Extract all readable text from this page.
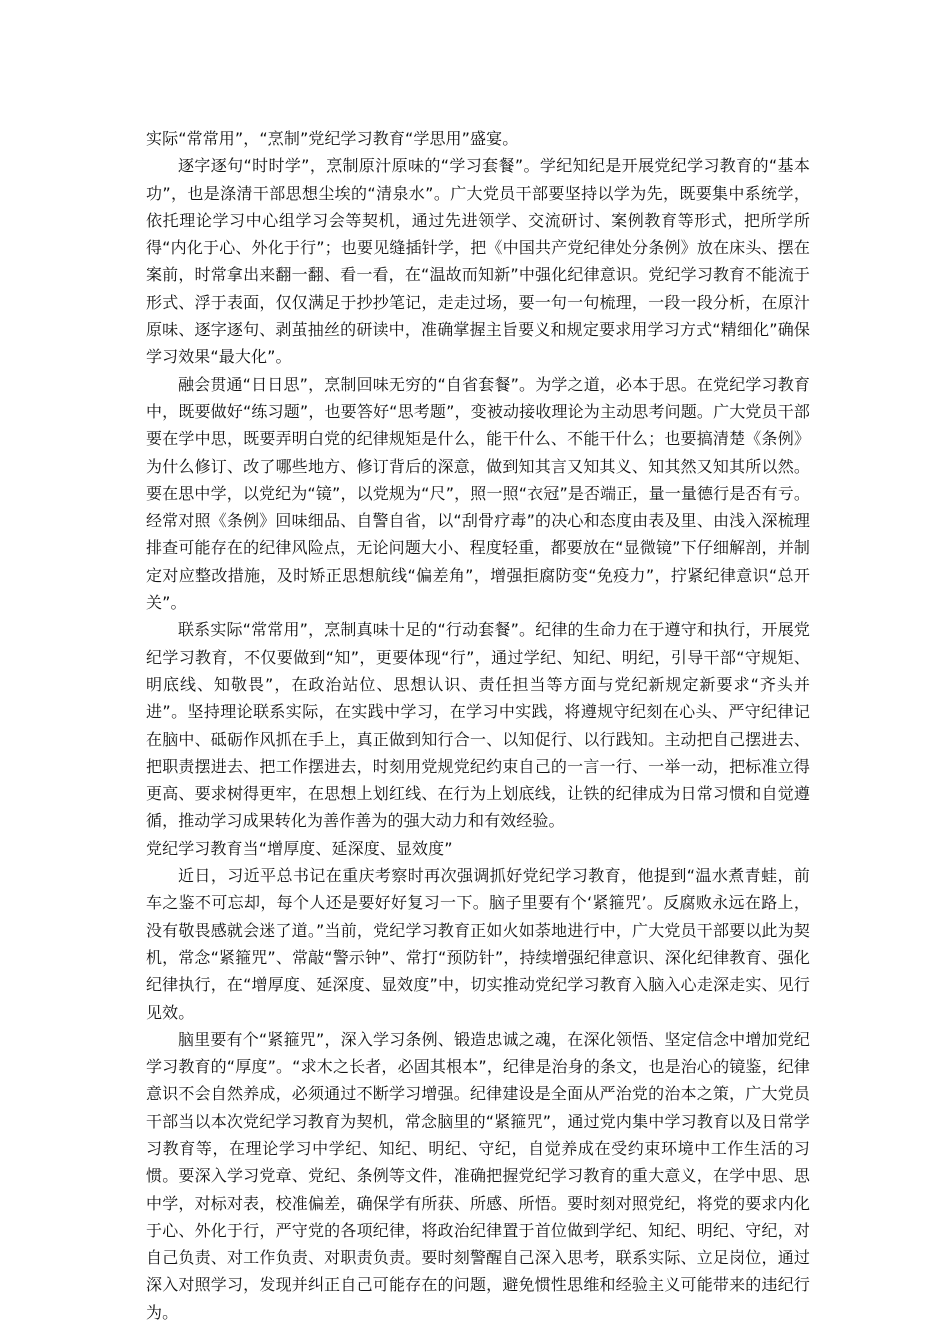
实际“常常用”，“烹制”党纪学习教育“学思用”盛宴。

逐字逐句“时时学”，烹制原汁原味的“学习套餐”。学纪知纪是开展党纪学习教育的“基本功”，也是涤清干部思想尘埃的“清泉水”。广大党员干部要坚持以学为先，既要集中系统学，依托理论学习中心组学习会等契机，通过先进领学、交流研讨、案例教育等形式，把所学所得“内化于心、外化于行”；也要见缝插针学，把《中国共产党纪律处分条例》放在床头、摆在案前，时常拿出来翻一翻、看一看，在“温故而知新”中强化纪律意识。党纪学习教育不能流于形式、浮于表面，仅仅满足于抄抄笔记，走走过场，要一句一句梳理，一段一段分析，在原汁原味、逐字逐句、剥茧抽丝的研读中，准确掌握主旨要义和规定要求用学习方式“精细化”确保学习效果“最大化”。

融会贯通“日日思”，烹制回味无穷的“自省套餐”。为学之道，必本于思。在党纪学习教育中，既要做好“练习题”，也要答好“思考题”，变被动接收理论为主动思考问题。广大党员干部要在学中思，既要弄明白党的纪律规矩是什么，能干什么、不能干什么；也要搞清楚《条例》为什么修订、改了哪些地方、修订背后的深意，做到知其言又知其义、知其然又知其所以然。要在思中学，以党纪为“镜”，以党规为“尺”，照一照“衣冠”是否端正，量一量德行是否有亏。经常对照《条例》回味细品、自警自省，以“刮骨疗毒”的决心和态度由表及里、由浅入深梳理排查可能存在的纪律风险点，无论问题大小、程度轻重，都要放在“显微镜”下仔细解剖，并制定对应整改措施，及时矫正思想航线“偏差角”，增强拒腐防变“免疫力”，拧紧纪律意识“总开关”。

联系实际“常常用”，烹制真味十足的“行动套餐”。纪律的生命力在于遵守和执行，开展党纪学习教育，不仅要做到“知”，更要体现“行”，通过学纪、知纪、明纪，引导干部“守规矩、明底线、知敬畏”，在政治站位、思想认识、责任担当等方面与党纪新规定新要求“齐头并进”。坚持理论联系实际，在实践中学习，在学习中实践，将遵规守纪刻在心头、严守纪律记在脑中、砥砺作风抓在手上，真正做到知行合一、以知促行、以行践知。主动把自己摆进去、把职责摆进去、把工作摆进去，时刻用党规党纪约束自己的一言一行、一举一动，把标准立得更高、要求树得更牢，在思想上划红线、在行为上划底线，让铁的纪律成为日常习惯和自觉遵循，推动学习成果转化为善作善为的强大动力和有效经验。

党纪学习教育当“增厚度、延深度、显效度”

近日，习近平总书记在重庆考察时再次强调抓好党纪学习教育，他提到“温水煮青蛙，前车之鉴不可忘却，每个人还是要好好复习一下。脑子里要有个‘紧箍咒’。反腐败永远在路上，没有敬畏感就会迷了道。”当前，党纪学习教育正如火如荼地进行中，广大党员干部要以此为契机，常念“紧箍咒”、常敲“警示钟”、常打“预防针”，持续增强纪律意识、深化纪律教育、强化纪律执行，在“增厚度、延深度、显效度”中，切实推动党纪学习教育入脑入心走深走实、见行见效。

脑里要有个“紧箍咒”，深入学习条例、锻造忠诚之魂，在深化领悟、坚定信念中增加党纪学习教育的“厚度”。“求木之长者，必固其根本”，纪律是治身的条文，也是治心的镜鉴，纪律意识不会自然养成，必须通过不断学习增强。纪律建设是全面从严治党的治本之策，广大党员干部当以本次党纪学习教育为契机，常念脑里的“紧箍咒”，通过党内集中学习教育以及日常学习教育等，在理论学习中学纪、知纪、明纪、守纪，自觉养成在受约束环境中工作生活的习惯。要深入学习党章、党纪、条例等文件，准确把握党纪学习教育的重大意义，在学中思、思中学，对标对表，校准偏差，确保学有所获、所感、所悟。要时刻对照党纪，将党的要求内化于心、外化于行，严守党的各项纪律，将政治纪律置于首位做到学纪、知纪、明纪、守纪，对自己负责、对工作负责、对职责负责。要时刻警醒自己深入思考，联系实际、立足岗位，通过深入对照学习，发现并纠正自己可能存在的问题，避免惯性思维和经验主义可能带来的违纪行为。
